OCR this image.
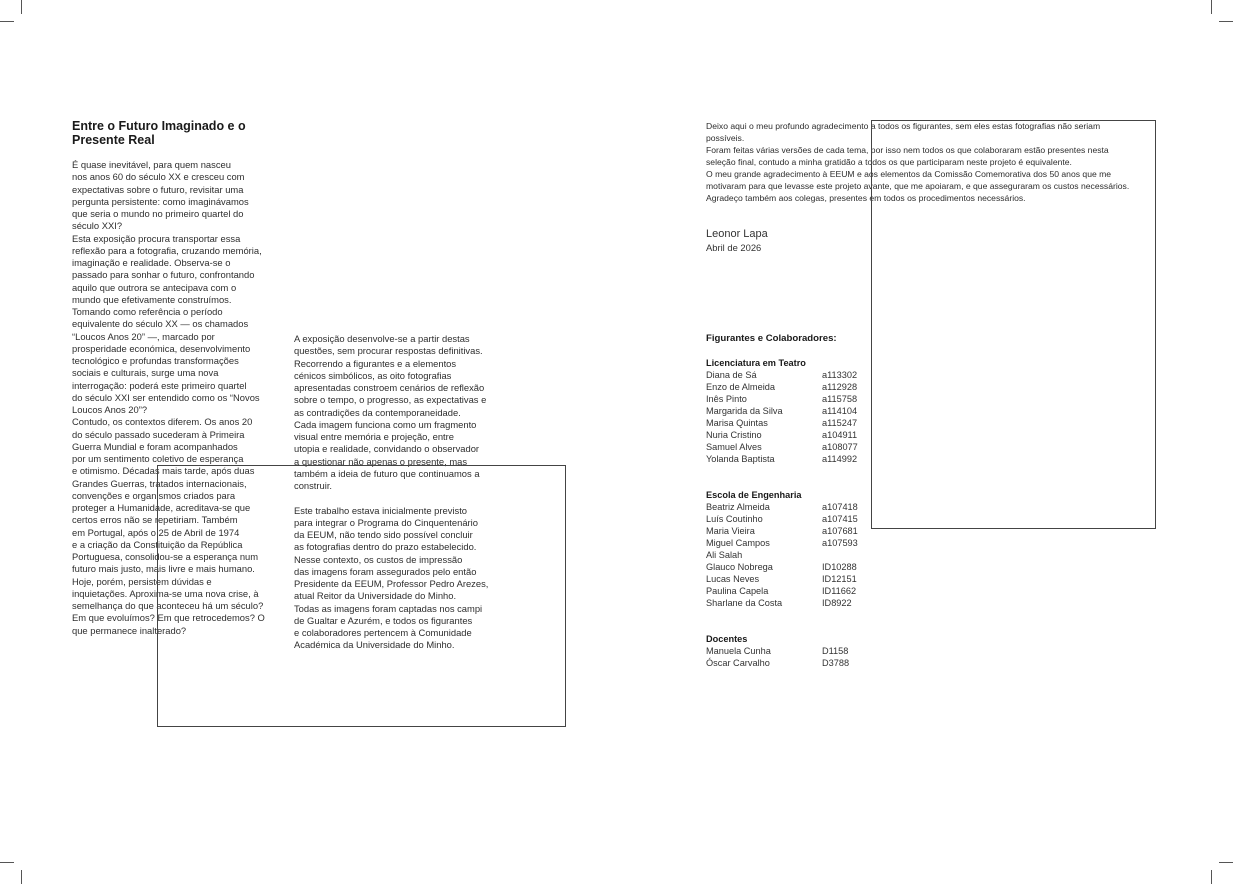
Entre o Futuro Imaginado e o Presente Real

É quase inevitável, para quem nasceu

nos anos 60 do século XX e cresceu com

expectativas sobre o futuro, revisitar uma

pergunta persistente: como imaginávamos

que seria o mundo no primeiro quartel do

século XXI?

Esta exposição procura transportar essa

reflexão para a fotografia, cruzando memória,

imaginação e realidade. Observa-se o

passado para sonhar o futuro, confrontando

aquilo que outrora se antecipava com o

mundo que efetivamente construímos.

Tomando como referência o período

equivalente do século XX — os chamados

“Loucos Anos 20” —, marcado por

prosperidade económica, desenvolvimento

tecnológico e profundas transformações

sociais e culturais, surge uma nova

interrogação: poderá este primeiro quartel

do século XXI ser entendido como os “Novos

Loucos Anos 20”?

Contudo, os contextos diferem. Os anos 20

do século passado sucederam à Primeira

Guerra Mundial e foram acompanhados

por um sentimento coletivo de esperança

e otimismo. Décadas mais tarde, após duas

Grandes Guerras, tratados internacionais,

convenções e organismos criados para

proteger a Humanidade, acreditava-se que

certos erros não se repetiriam. Também

em Portugal, após o 25 de Abril de 1974

e a criação da Constituição da República

Portuguesa, consolidou-se a esperança num

futuro mais justo, mais livre e mais humano.

Hoje, porém, persistem dúvidas e

inquietações. Aproxima-se uma nova crise, à

semelhança do que aconteceu há um século?

Em que evoluímos? Em que retrocedemos? O

que permanece inalterado?

A exposição desenvolve-se a partir destas

questões, sem procurar respostas definitivas.

Recorrendo a figurantes e a elementos

cénicos simbólicos, as oito fotografias

apresentadas constroem cenários de reflexão

sobre o tempo, o progresso, as expectativas e

as contradições da contemporaneidade.

Cada imagem funciona como um fragmento

visual entre memória e projeção, entre

utopia e realidade, convidando o observador

a questionar não apenas o presente, mas

também a ideia de futuro que continuamos a

construir.

Este trabalho estava inicialmente previsto

para integrar o Programa do Cinquentenário

da EEUM, não tendo sido possível concluir

as fotografias dentro do prazo estabelecido.

Nesse contexto, os custos de impressão

das imagens foram assegurados pelo então

Presidente da EEUM, Professor Pedro Arezes,

atual Reitor da Universidade do Minho.

Todas as imagens foram captadas nos campi

de Gualtar e Azurém, e todos os figurantes

e colaboradores pertencem à Comunidade

Académica da Universidade do Minho.

Deixo aqui o meu profundo agradecimento a todos os figurantes, sem eles estas fotografias não seriam

possíveis.

Foram feitas várias versões de cada tema, por isso nem todos os que colaboraram estão presentes nesta

seleção final, contudo a minha gratidão a todos os que participaram neste projeto é equivalente.

O meu grande agradecimento à EEUM e aos elementos da Comissão Comemorativa dos 50 anos que me

motivaram para que levasse este projeto avante, que me apoiaram, e que asseguraram os custos necessários.

Agradeço também aos colegas, presentes em todos os procedimentos necessários.

Leonor Lapa
Abril de 2026
Figurantes e Colaboradores:
Licenciatura em Teatro
Diana de Sá	a113302
Enzo de Almeida	a112928
Inês Pinto	a115758
Margarida da Silva	a114104
Marisa Quintas	a115247
Nuria Cristino	a104911
Samuel Alves	a108077
Yolanda Baptista	a114992
Escola de Engenharia
Beatriz Almeida	a107418
Luís Coutinho	a107415
Maria Vieira	a107681
Miguel Campos	a107593
Ali Salah
Glauco Nobrega	ID10288
Lucas Neves	ID12151
Paulina Capela	ID11662
Sharlane da Costa	ID8922
Docentes
Manuela Cunha	D1158
Óscar Carvalho	D3788
